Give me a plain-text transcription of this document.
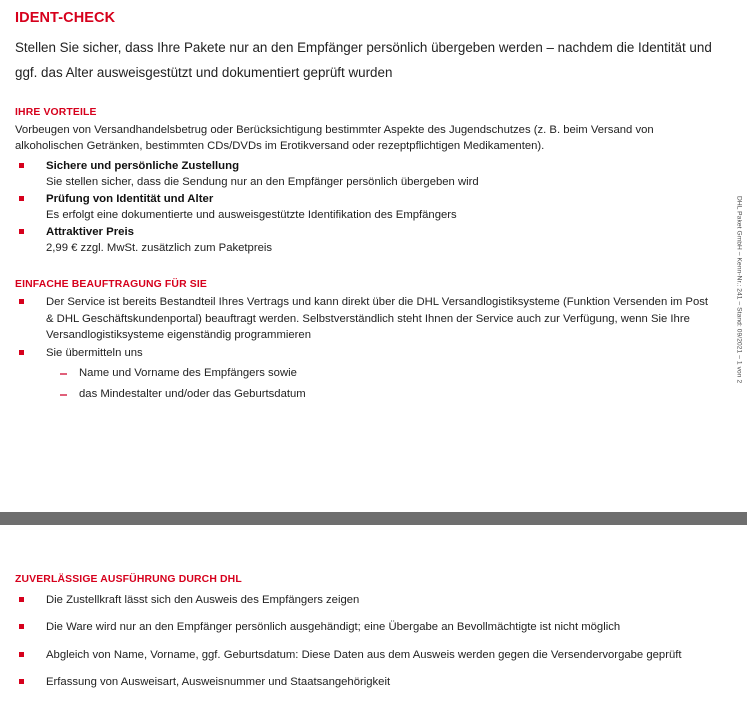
IDENT-CHECK

Stellen Sie sicher, dass Ihre Pakete nur an den Empfänger persönlich übergeben werden – nachdem die Identität und ggf. das Alter ausweisgestützt und dokumentiert geprüft wurden

IHRE VORTEILE

Vorbeugen von Versandhandelsbetrug oder Berücksichtigung bestimmter Aspekte des Jugendschutzes (z. B. beim Versand von alkoholischen Getränken, bestimmten CDs/DVDs im Erotikversand oder rezeptpflichtigen Medikamenten).

Sichere und persönliche Zustellung
Sie stellen sicher, dass die Sendung nur an den Empfänger persönlich übergeben wird
Prüfung von Identität und Alter
Es erfolgt eine dokumentierte und ausweisgestützte Identifikation des Empfängers
Attraktiver Preis
2,99 € zzgl. MwSt. zusätzlich zum Paketpreis
EINFACHE BEAUFTRAGUNG FÜR SIE
Der Service ist bereits Bestandteil Ihres Vertrags und kann direkt über die DHL Versandlogistiksysteme (Funktion Versenden im Post & DHL Geschäftskundenportal) beauftragt werden. Selbstverständlich steht Ihnen der Service auch zur Verfügung, wenn Sie Ihre Versandlogistiksysteme eigenständig programmieren
Sie übermitteln uns
Name und Vorname des Empfängers sowie
das Mindestalter und/oder das Geburtsdatum
ZUVERLÄSSIGE AUSFÜHRUNG DURCH DHL
Die Zustellkraft lässt sich den Ausweis des Empfängers zeigen
Die Ware wird nur an den Empfänger persönlich ausgehändigt; eine Übergabe an Bevollmächtigte ist nicht möglich
Abgleich von Name, Vorname, ggf. Geburtsdatum: Diese Daten aus dem Ausweis werden gegen die Versendervorgabe geprüft
Erfassung von Ausweisart, Ausweisnummer und Staatsangehörigkeit
DHL Paket GmbH – Kenn-Nr.: 241 – Stand: 09/2021 – 1 von 2
